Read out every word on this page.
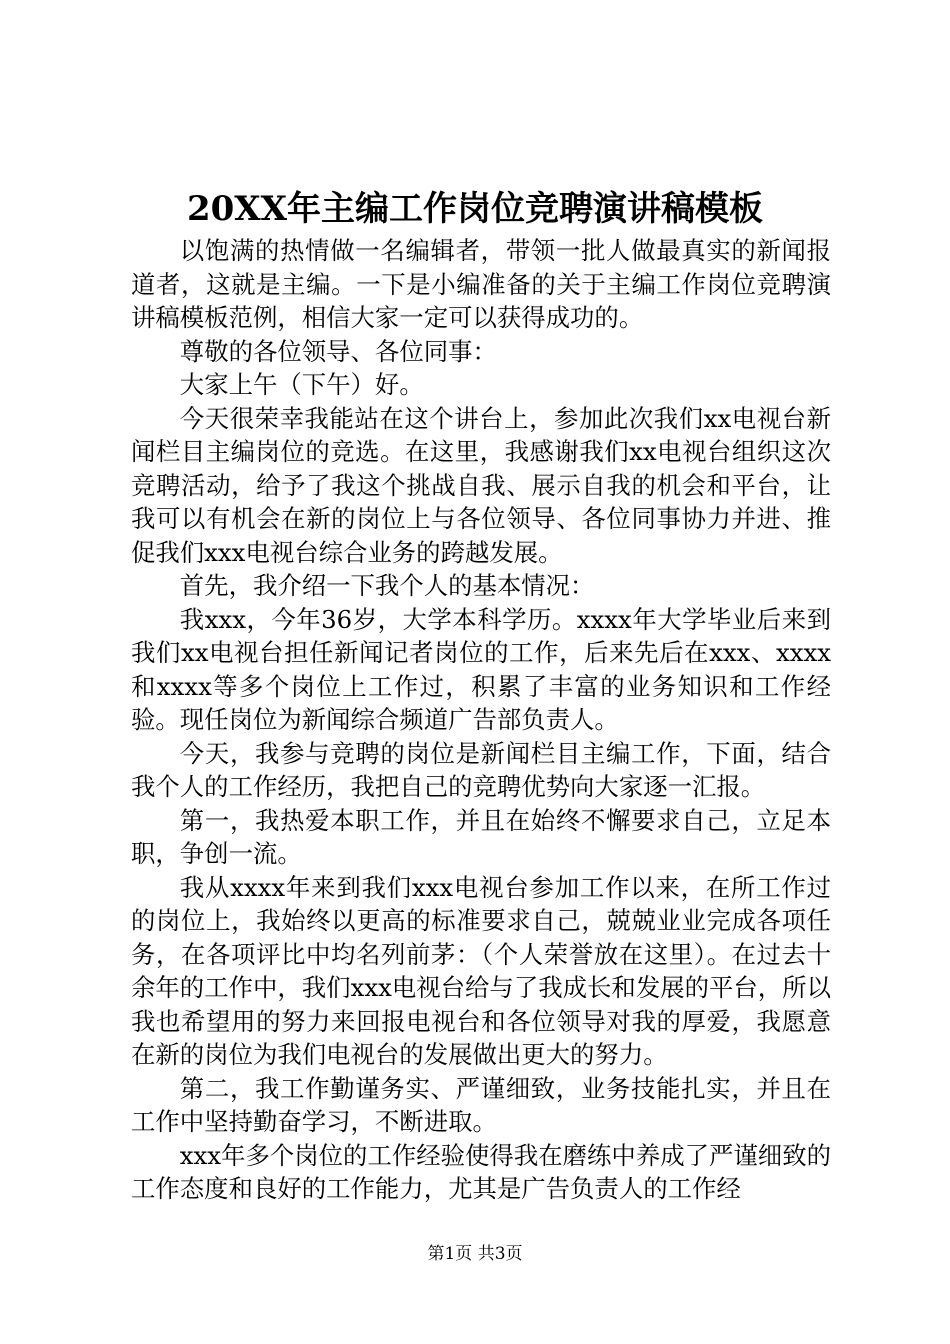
20XX年主编工作岗位竞聘演讲稿模板

以饱满的热情做一名编辑者，带领一批人做最真实的新闻报道者，这就是主编。一下是小编准备的关于主编工作岗位竞聘演讲稿模板范例，相信大家一定可以获得成功的。

尊敬的各位领导、各位同事：

大家上午（下午）好。

今天很荣幸我能站在这个讲台上，参加此次我们xx电视台新闻栏目主编岗位的竞选。在这里，我感谢我们xx电视台组织这次竞聘活动，给予了我这个挑战自我、展示自我的机会和平台，让我可以有机会在新的岗位上与各位领导、各位同事协力并进、推促我们xxx电视台综合业务的跨越发展。

首先，我介绍一下我个人的基本情况：

我xxx，今年36岁，大学本科学历。xxxx年大学毕业后来到我们xx电视台担任新闻记者岗位的工作，后来先后在xxx、xxxx和xxxx等多个岗位上工作过，积累了丰富的业务知识和工作经验。现任岗位为新闻综合频道广告部负责人。

今天，我参与竞聘的岗位是新闻栏目主编工作，下面，结合我个人的工作经历，我把自己的竞聘优势向大家逐一汇报。

第一，我热爱本职工作，并且在始终不懈要求自己，立足本职，争创一流。

我从xxxx年来到我们xxx电视台参加工作以来，在所工作过的岗位上，我始终以更高的标准要求自己，兢兢业业完成各项任务，在各项评比中均名列前茅：（个人荣誉放在这里）。在过去十余年的工作中，我们xxx电视台给与了我成长和发展的平台，所以我也希望用的努力来回报电视台和各位领导对我的厚爱，我愿意在新的岗位为我们电视台的发展做出更大的努力。

第二，我工作勤谨务实、严谨细致，业务技能扎实，并且在工作中坚持勤奋学习，不断进取。

xxx年多个岗位的工作经验使得我在磨练中养成了严谨细致的工作态度和良好的工作能力，尤其是广告负责人的工作经

第1页 共3页
